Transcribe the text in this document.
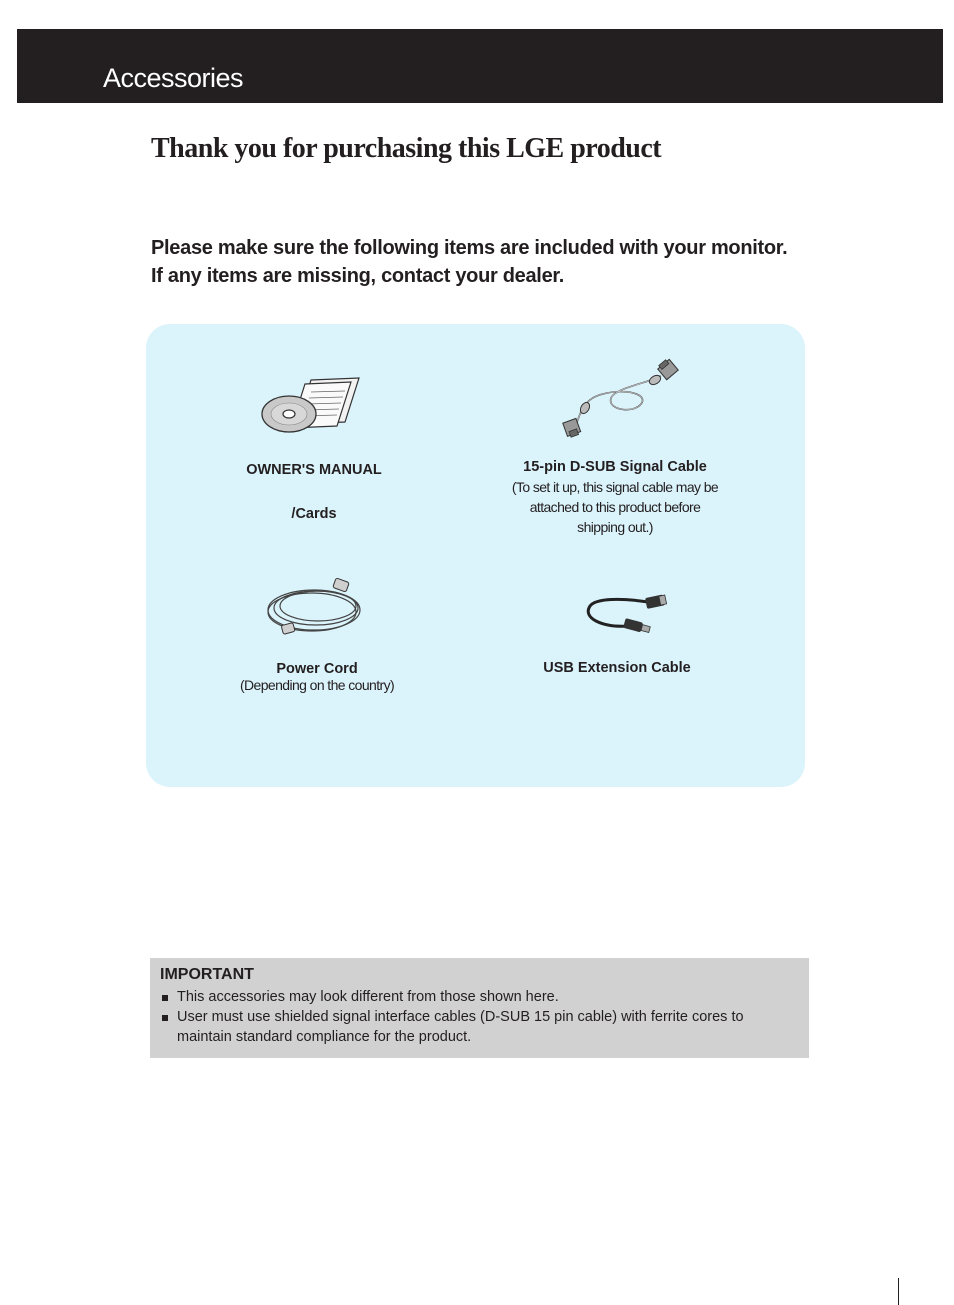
Accessories
Thank you for purchasing this LGE product
Please make sure the following items are included with your monitor.
If any items are missing, contact your dealer.
OWNER'S MANUAL
/Cards
15-pin D-SUB Signal Cable
(To set it up, this signal cable may be
attached to this product before
shipping out.)
Power Cord
(Depending on the country)
USB Extension Cable
IMPORTANT
This accessories may look different from those shown here.
User must use shielded signal interface cables (D-SUB 15 pin cable) with ferrite cores to maintain standard compliance for the product.
